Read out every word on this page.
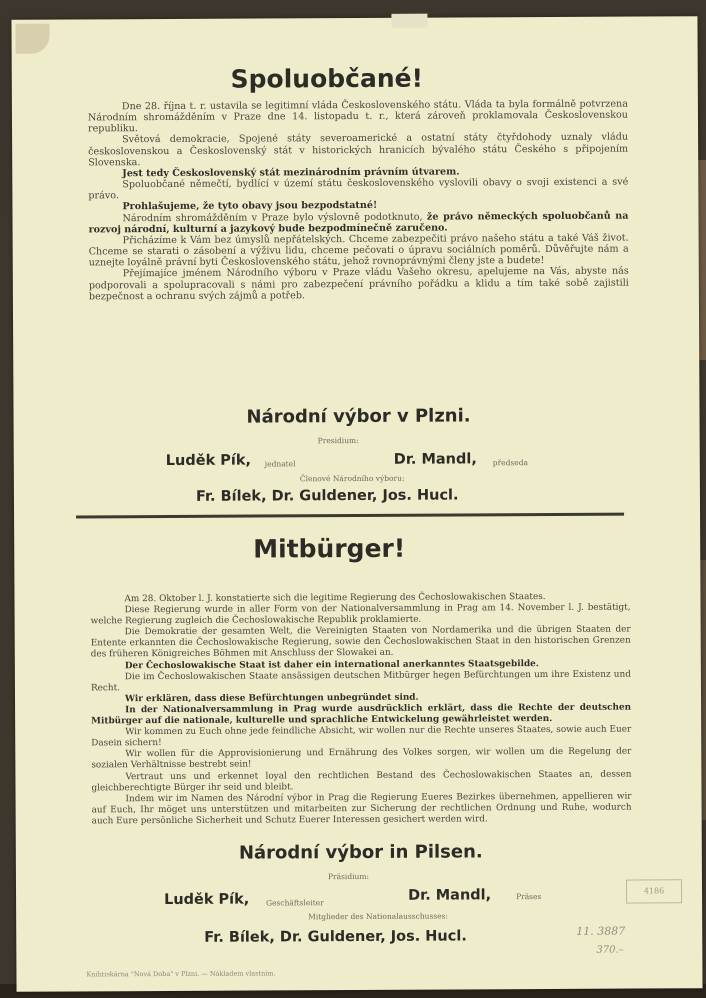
Spoluobčané!

Dne 28. října t. r. ustavila se legitimní vláda Československého státu. Vláda ta byla formálně potvrzena Národním shromážděním v Praze dne 14. listopadu t. r., která zároveň proklamovala Československou republiku.

Světová demokracie, Spojené státy severoamerické a ostatní státy čtyřdohody uznaly vládu československou a Československý stát v historických hranicích bývalého státu Českého s připojením Slovenska.

Jest tedy Československý stát mezinárodním právním útvarem.

Spoluobčané němečtí, bydlící v území státu československého vyslovili obavy o svoji existenci a své právo.

Prohlašujeme, že tyto obavy jsou bezpodstatné!

Národním shromážděním v Praze bylo výslovně podotknuto, že právo německých spoluobčanů na rozvoj národní, kulturní a jazykový bude bezpodmínečně zaručeno.

Přicházíme k Vám bez úmyslů nepřátelských. Chceme zabezpečiti právo našeho státu a také Váš život. Chceme se starati o zásobení a výživu lidu, chceme pečovati o úpravu sociálních poměrů. Důvěřujte nám a uznejte loyálně právní byti Československého státu, jehož rovnoprávnými členy jste a budete!

Přejímajíce jménem Národního výboru v Praze vládu Vašeho okresu, apelujeme na Vás, abyste nás podporovali a spolupracovali s námi pro zabezpečení právního pořádku a klidu a tím také sobě zajistili bezpečnost a ochranu svých zájmů a potřeb.

Národní výbor v Plzni.
Presidium:
Luděk Pík, jednatel	Dr. Mandl, předseda
Členové Národního výboru:
Fr. Bílek, Dr. Guldener, Jos. Hucl.
Mitbürger!

Am 28. Oktober l. J. konstatierte sich die legitime Regierung des Čechoslowakischen Staates.

Diese Regierung wurde in aller Form von der Nationalversammlung in Prag am 14. November l. J. bestätigt, welche Regierung zugleich die Čechoslowakische Republik proklamierte.

Die Demokratie der gesamten Welt, die Vereinigten Staaten von Nordamerika und die übrigen Staaten der Entente erkannten die Čechoslowakische Regierung, sowie den Čechoslowakischen Staat in den historischen Grenzen des früheren Königreiches Böhmen mit Anschluss der Slowakei an.

Der Čechoslowakische Staat ist daher ein international anerkanntes Staatsgebilde.

Die im Čechoslowakischen Staate ansässigen deutschen Mitbürger hegen Befürchtungen um ihre Existenz und Recht.

Wir erklären, dass diese Befürchtungen unbegründet sind.

In der Nationalversammlung in Prag wurde ausdrücklich erklärt, dass die Rechte der deutschen Mitbürger auf die nationale, kulturelle und sprachliche Entwickelung gewährleistet werden.

Wir kommen zu Euch ohne jede feindliche Absicht, wir wollen nur die Rechte unseres Staates, sowie auch Euer Dasein sichern!

Wir wollen für die Approvisionierung und Ernährung des Volkes sorgen, wir wollen um die Regelung der sozialen Verhältnisse bestrebt sein!

Vertraut uns und erkennet loyal den rechtlichen Bestand des Čechoslowakischen Staates an, dessen gleichberechtigte Bürger ihr seid und bleibt.

Indem wir im Namen des Národní výbor in Prag die Regierung Eueres Bezirkes übernehmen, appellieren wir auf Euch, Ihr möget uns unterstützen und mitarbeiten zur Sicherung der rechtlichen Ordnung und Ruhe, wodurch auch Eure persönliche Sicherheit und Schutz Euerer Interessen gesichert werden wird.

Národní výbor in Pilsen.
Präsidium:
Luděk Pík, Geschäftsleiter	Dr. Mandl,	Präses
Mitglieder des Nationalausschusses:
Fr. Bílek, Dr. Guldener, Jos. Hucl.
Knihtiskárna "Nová Doba" v Plzni. — Nákladem vlastním.
4186
11. 3887
370.–
